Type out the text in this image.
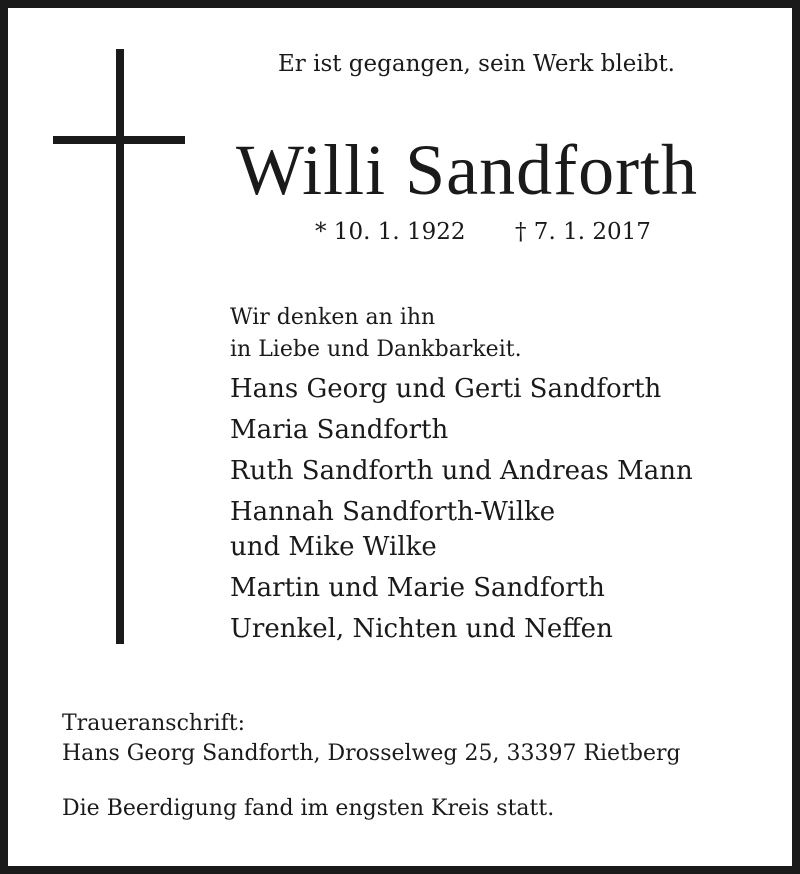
Er ist gegangen, sein Werk bleibt.
Willi Sandforth
* 10. 1. 1922 † 7. 1. 2017
Wir denken an ihn
in Liebe und Dankbarkeit.
Hans Georg und Gerti Sandforth
Maria Sandforth
Ruth Sandforth und Andreas Mann
Hannah Sandforth-Wilke
und Mike Wilke
Martin und Marie Sandforth
Urenkel, Nichten und Neffen
Traueranschrift:
Hans Georg Sandforth, Drosselweg 25, 33397 Rietberg
Die Beerdigung fand im engsten Kreis statt.
